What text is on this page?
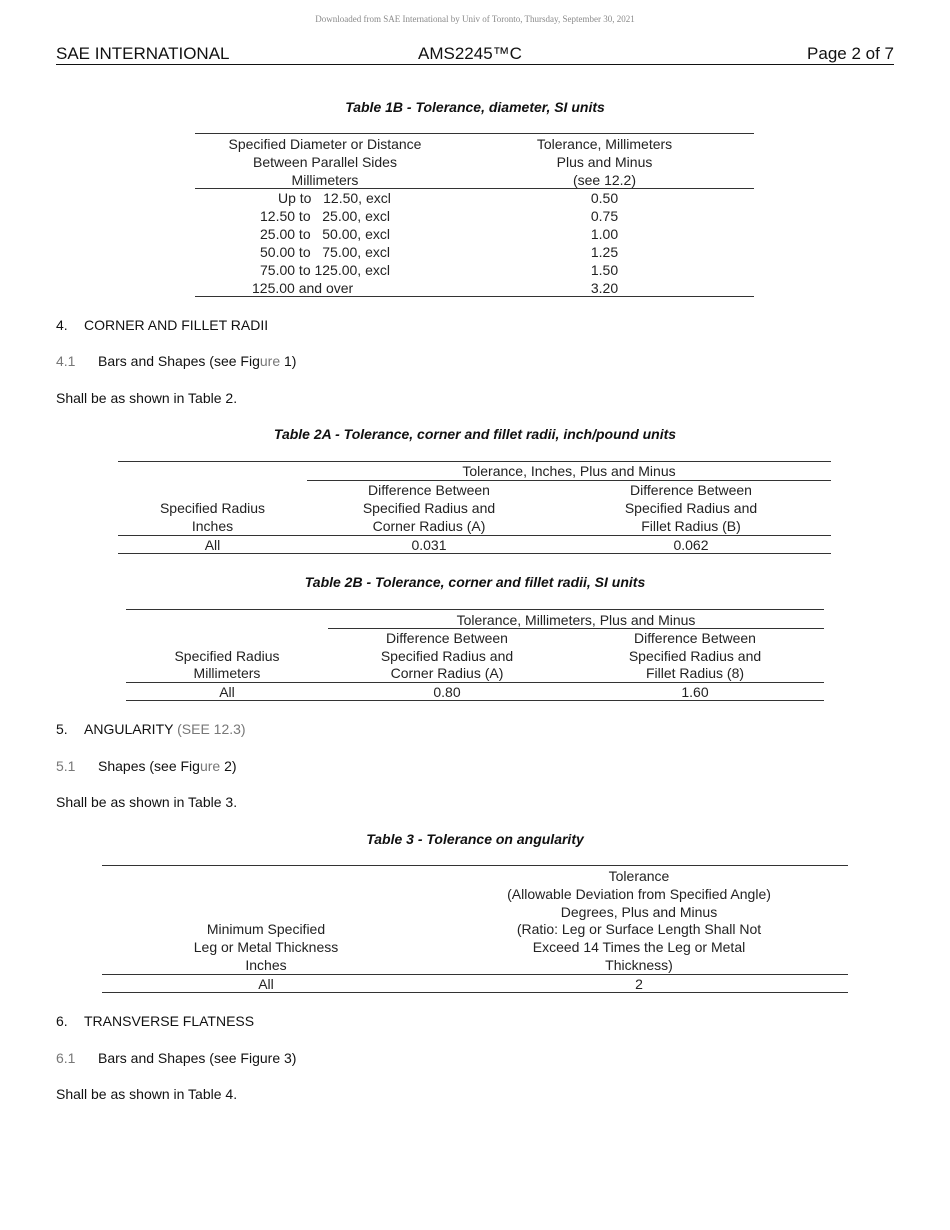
Downloaded from SAE International by Univ of Toronto, Thursday, September 30, 2021
SAE INTERNATIONAL	AMS2245™C	Page 2 of 7
Table 1B - Tolerance, diameter, SI units
Specified Diameter or Distance
Between Parallel Sides
Millimeters
Tolerance, Millimeters
Plus and Minus
(see 12.2)
Up to   12.50, excl	0.50
12.50 to   25.00, excl	0.75
25.00 to   50.00, excl	1.00
50.00 to   75.00, excl	1.25
75.00 to 125.00, excl	1.50
125.00 and over	3.20
4. CORNER AND FILLET RADII
4.1 Bars and Shapes (see Figure 1)
Shall be as shown in Table 2.
Table 2A - Tolerance, corner and fillet radii, inch/pound units
Tolerance, Inches, Plus and Minus
Specified Radius
Inches
Difference Between
Specified Radius and
Corner Radius (A)
Difference Between
Specified Radius and
Fillet Radius (B)
All	0.031	0.062
Table 2B - Tolerance, corner and fillet radii, SI units
Tolerance, Millimeters, Plus and Minus
Specified Radius
Millimeters
Difference Between
Specified Radius and
Corner Radius (A)
Difference Between
Specified Radius and
Fillet Radius (8)
All	0.80	1.60
5. ANGULARITY (SEE 12.3)
5.1 Shapes (see Figure 2)
Shall be as shown in Table 3.
Table 3 - Tolerance on angularity
Minimum Specified
Leg or Metal Thickness
Inches
Tolerance
(Allowable Deviation from Specified Angle)
Degrees, Plus and Minus
(Ratio: Leg or Surface Length Shall Not
Exceed 14 Times the Leg or Metal
Thickness)
All	2
6. TRANSVERSE FLATNESS
6.1 Bars and Shapes (see Figure 3)
Shall be as shown in Table 4.
